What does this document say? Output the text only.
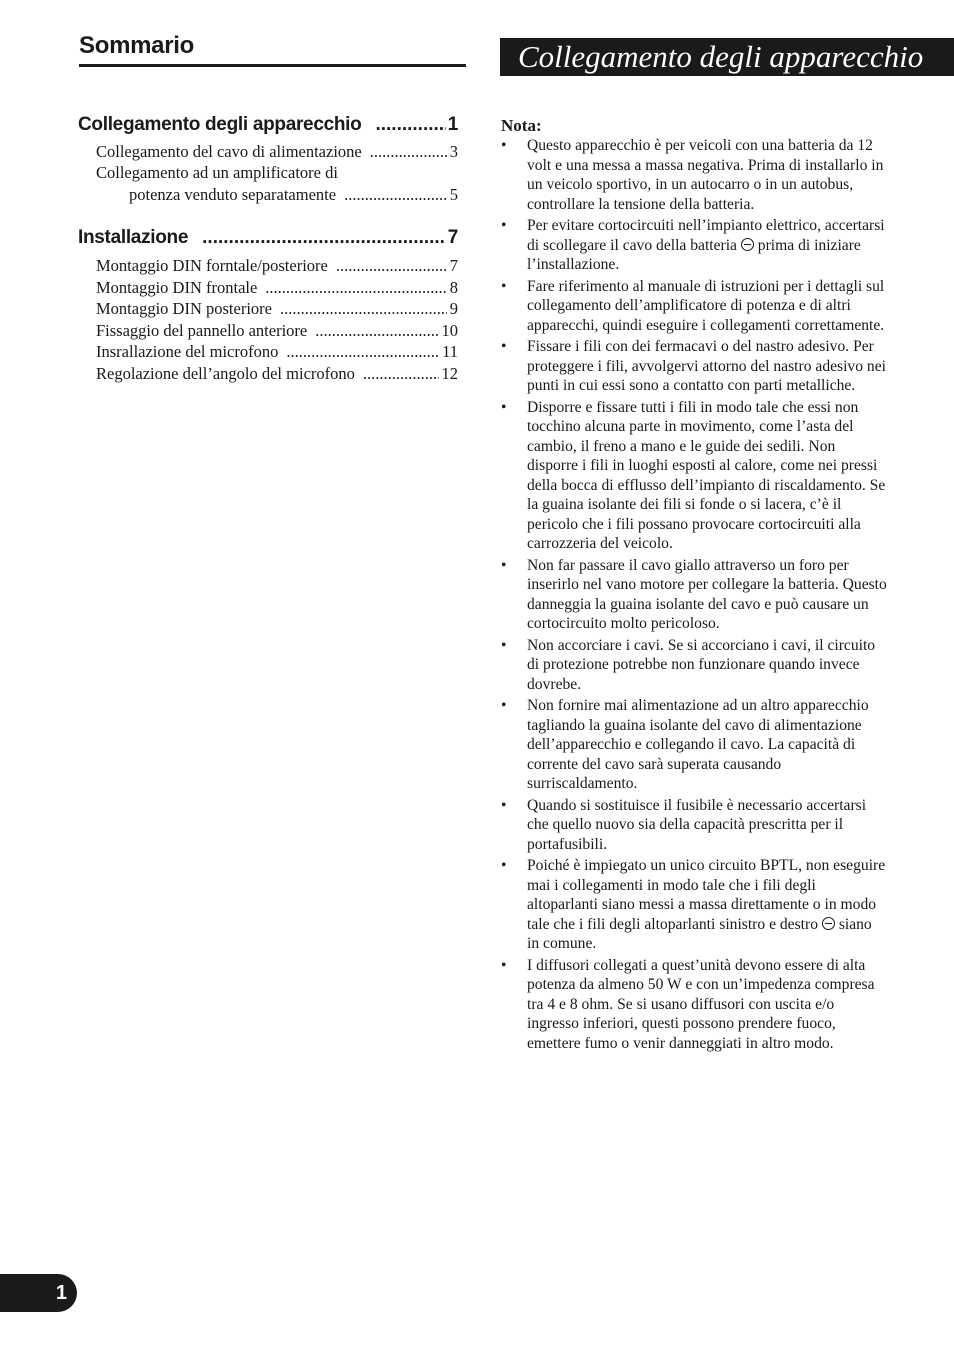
Sommario
Collegamento degli apparecchio .....	1
Collegamento del cavo di alimentazione .....	3
Collegamento ad un amplificatore di
potenza venduto separatamente .....	5
Installazione .....	7
Montaggio DIN forntale/posteriore .....	7
Montaggio DIN frontale .....	8
Montaggio DIN posteriore .....	9
Fissaggio del pannello anteriore .....	10
Insrallazione del microfono .....	11
Regolazione dell’angolo del microfono .....	12
Collegamento degli apparecchio
Nota:
• Questo apparecchio è per veicoli con una batteria da 12 volt e una messa a massa negativa. Prima di installarlo in un veicolo sportivo, in un autocarro o in un autobus, controllare la tensione della batteria.
• Per evitare cortocircuiti nell’impianto elettrico, accertarsi di scollegare il cavo della batteria prima di iniziare l’installazione.
• Fare riferimento al manuale di istruzioni per i dettagli sul collegamento dell’amplificatore di potenza e di altri apparecchi, quindi eseguire i collegamenti correttamente.
• Fissare i fili con dei fermacavi o del nastro adesivo. Per proteggere i fili, avvolgervi attorno del nastro adesivo nei punti in cui essi sono a contatto con parti metalliche.
• Disporre e fissare tutti i fili in modo tale che essi non tocchino alcuna parte in movimento, come l’asta del cambio, il freno a mano e le guide dei sedili. Non disporre i fili in luoghi esposti al calore, come nei pressi della bocca di efflusso dell’impianto di riscaldamento. Se la guaina isolante dei fili si fonde o si lacera, c’è il pericolo che i fili possano provocare cortocircuiti alla carrozzeria del veicolo.
• Non far passare il cavo giallo attraverso un foro per inserirlo nel vano motore per collegare la batteria. Questo danneggia la guaina isolante del cavo e può causare un cortocircuito molto pericoloso.
• Non accorciare i cavi. Se si accorciano i cavi, il circuito di protezione potrebbe non funzionare quando invece dovrebe.
• Non fornire mai alimentazione ad un altro apparecchio tagliando la guaina isolante del cavo di alimentazione dell’apparecchio e collegando il cavo. La capacità di corrente del cavo sarà superata causando surriscaldamento.
• Quando si sostituisce il fusibile è necessario accertarsi che quello nuovo sia della capacità prescritta per il portafusibili.
• Poiché è impiegato un unico circuito BPTL, non eseguire mai i collegamenti in modo tale che i fili degli altoparlanti siano messi a massa direttamente o in modo tale che i fili degli altoparlanti sinistro e destro siano in comune.
• I diffusori collegati a quest’unità devono essere di alta potenza da almeno 50 W e con un’impedenza compresa tra 4 e 8 ohm. Se si usano diffusori con uscita e/o ingresso inferiori, questi possono prendere fuoco, emettere fumo o venir danneggiati in altro modo.
1
